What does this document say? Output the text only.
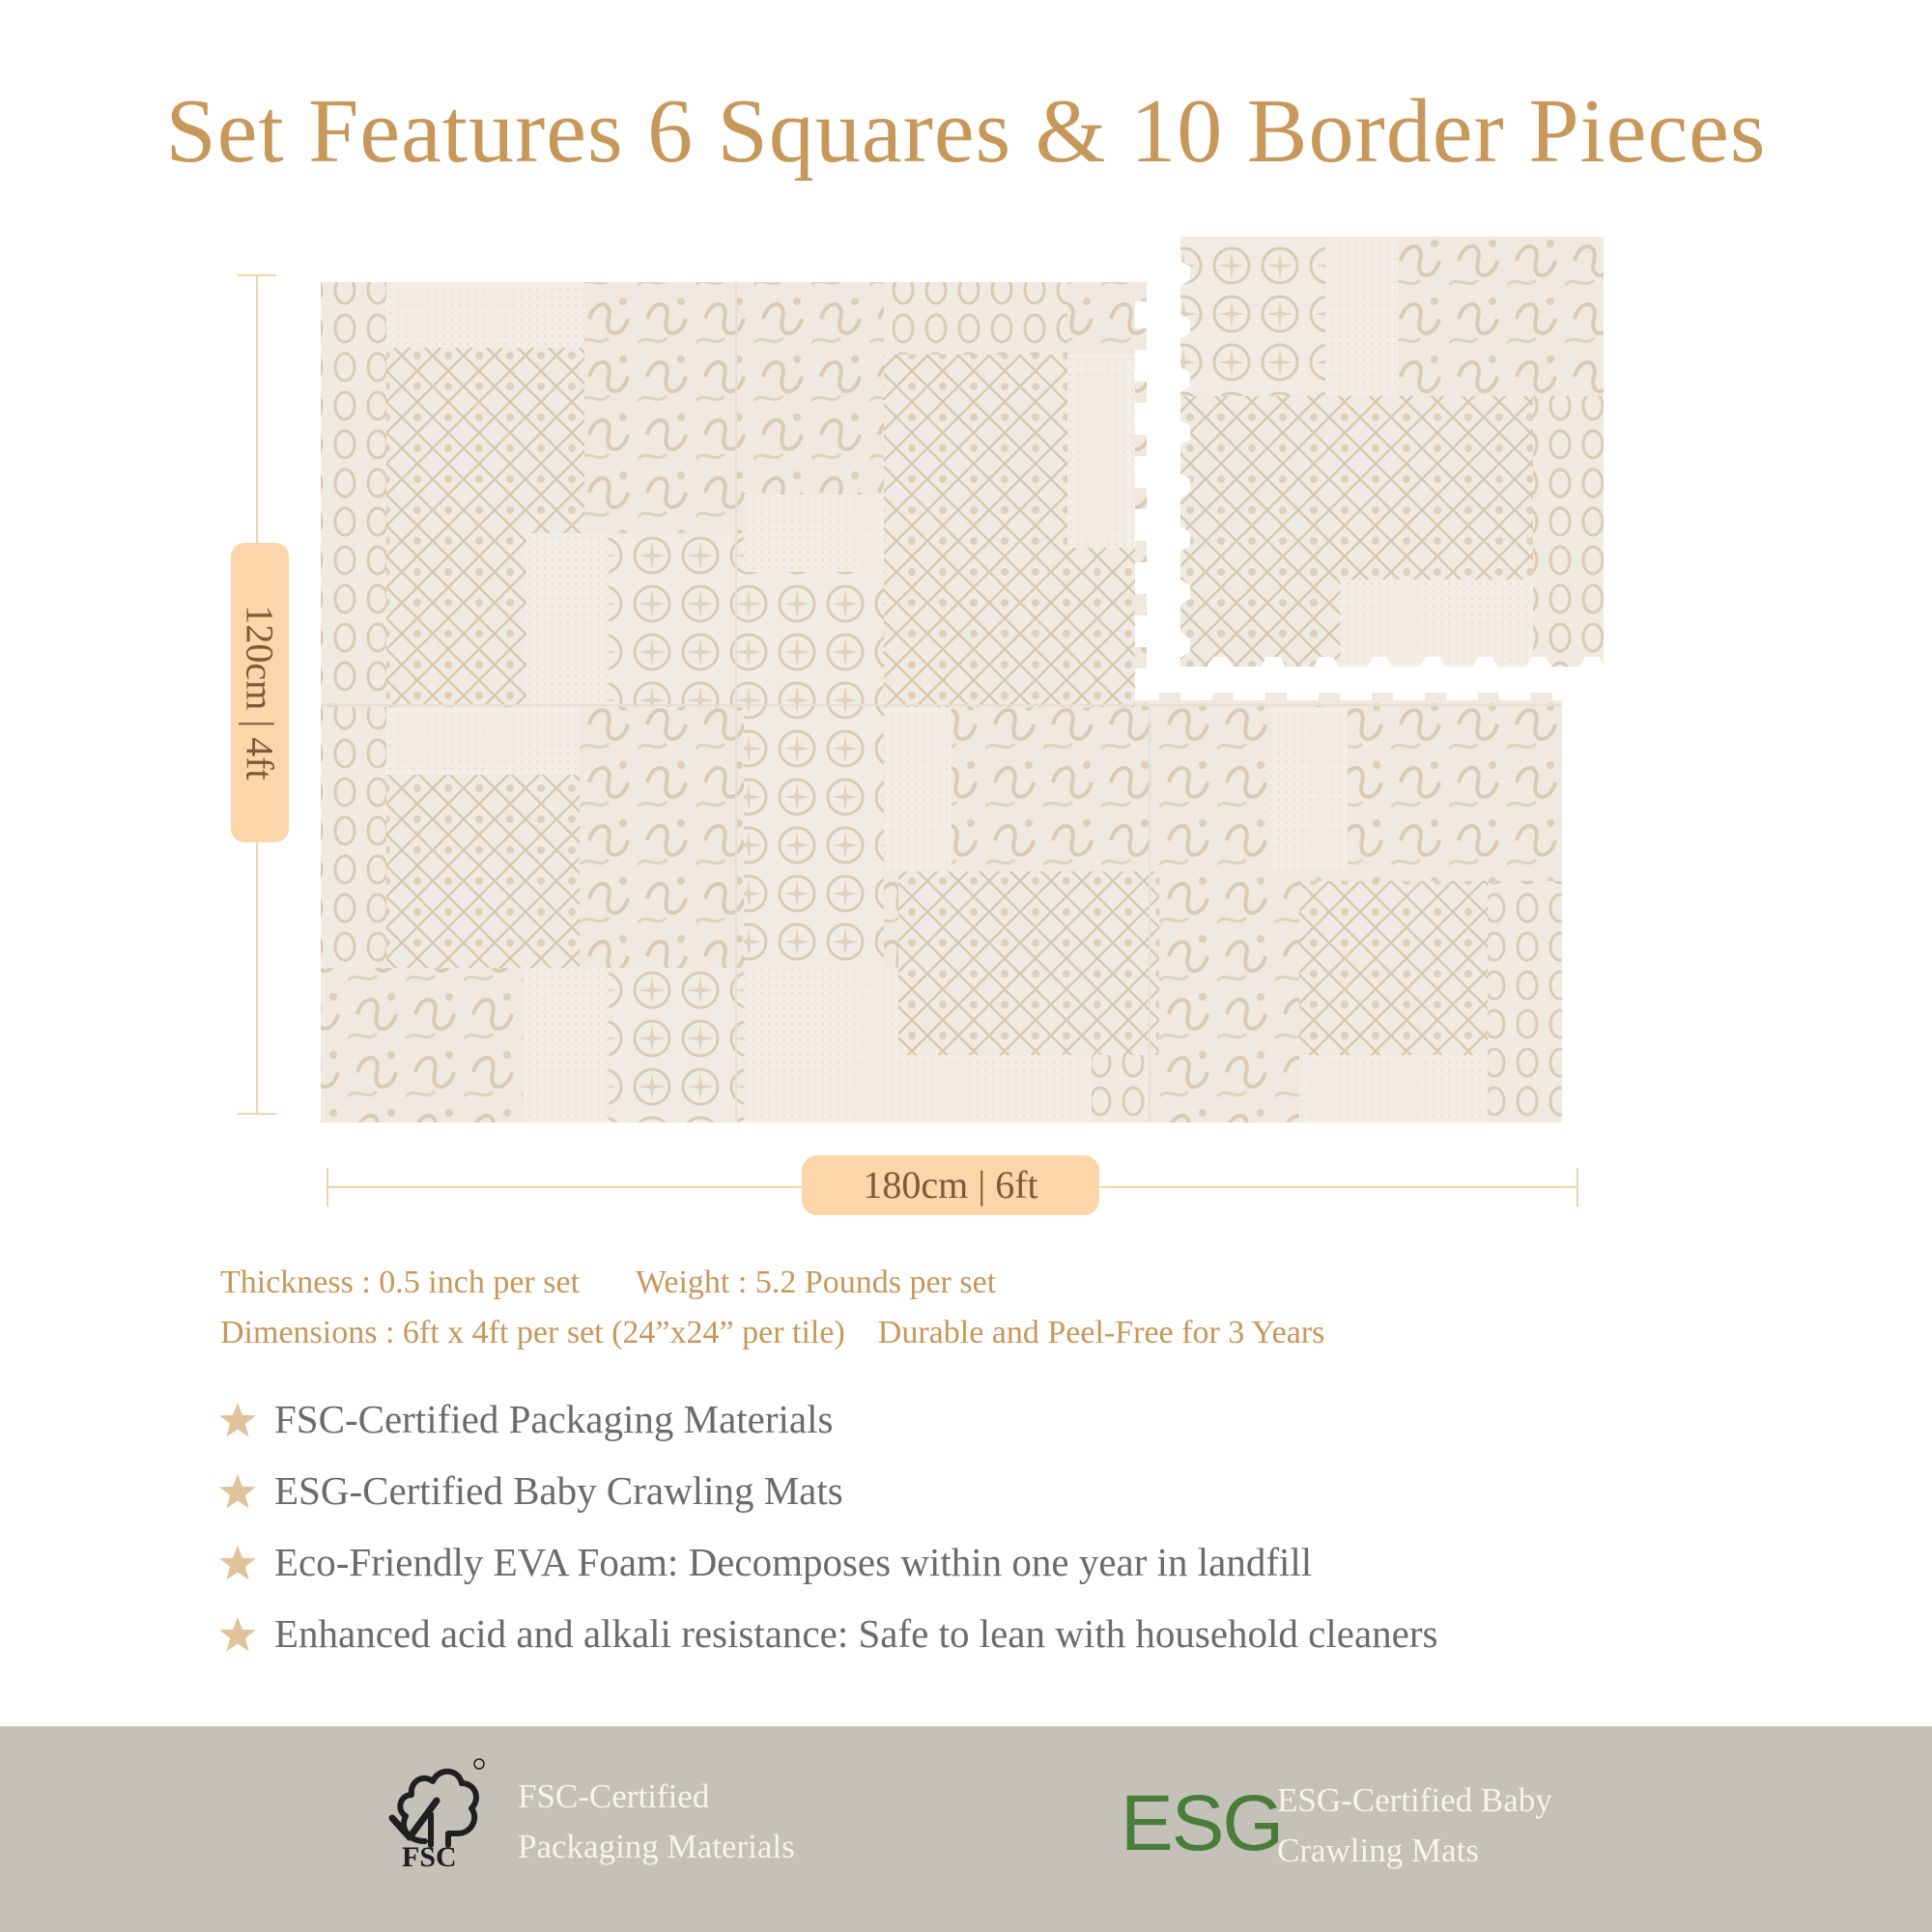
Set Features 6 Squares & 10 Border Pieces
120cm | 4ft
180cm | 6ft
Thickness : 0.5 inch per set Weight : 5.2 Pounds per set
Dimensions : 6ft x 4ft per set (24”x24” per tile) Durable and Peel-Free for 3 Years
FSC-Certified Packaging Materials
ESG-Certified Baby Crawling Mats
Eco-Friendly EVA Foam: Decomposes within one year in landfill
Enhanced acid and alkali resistance: Safe to lean with household cleaners
FSC
FSC-Certified
Packaging Materials	ESG
ESG-Certified Baby
Crawling Mats
